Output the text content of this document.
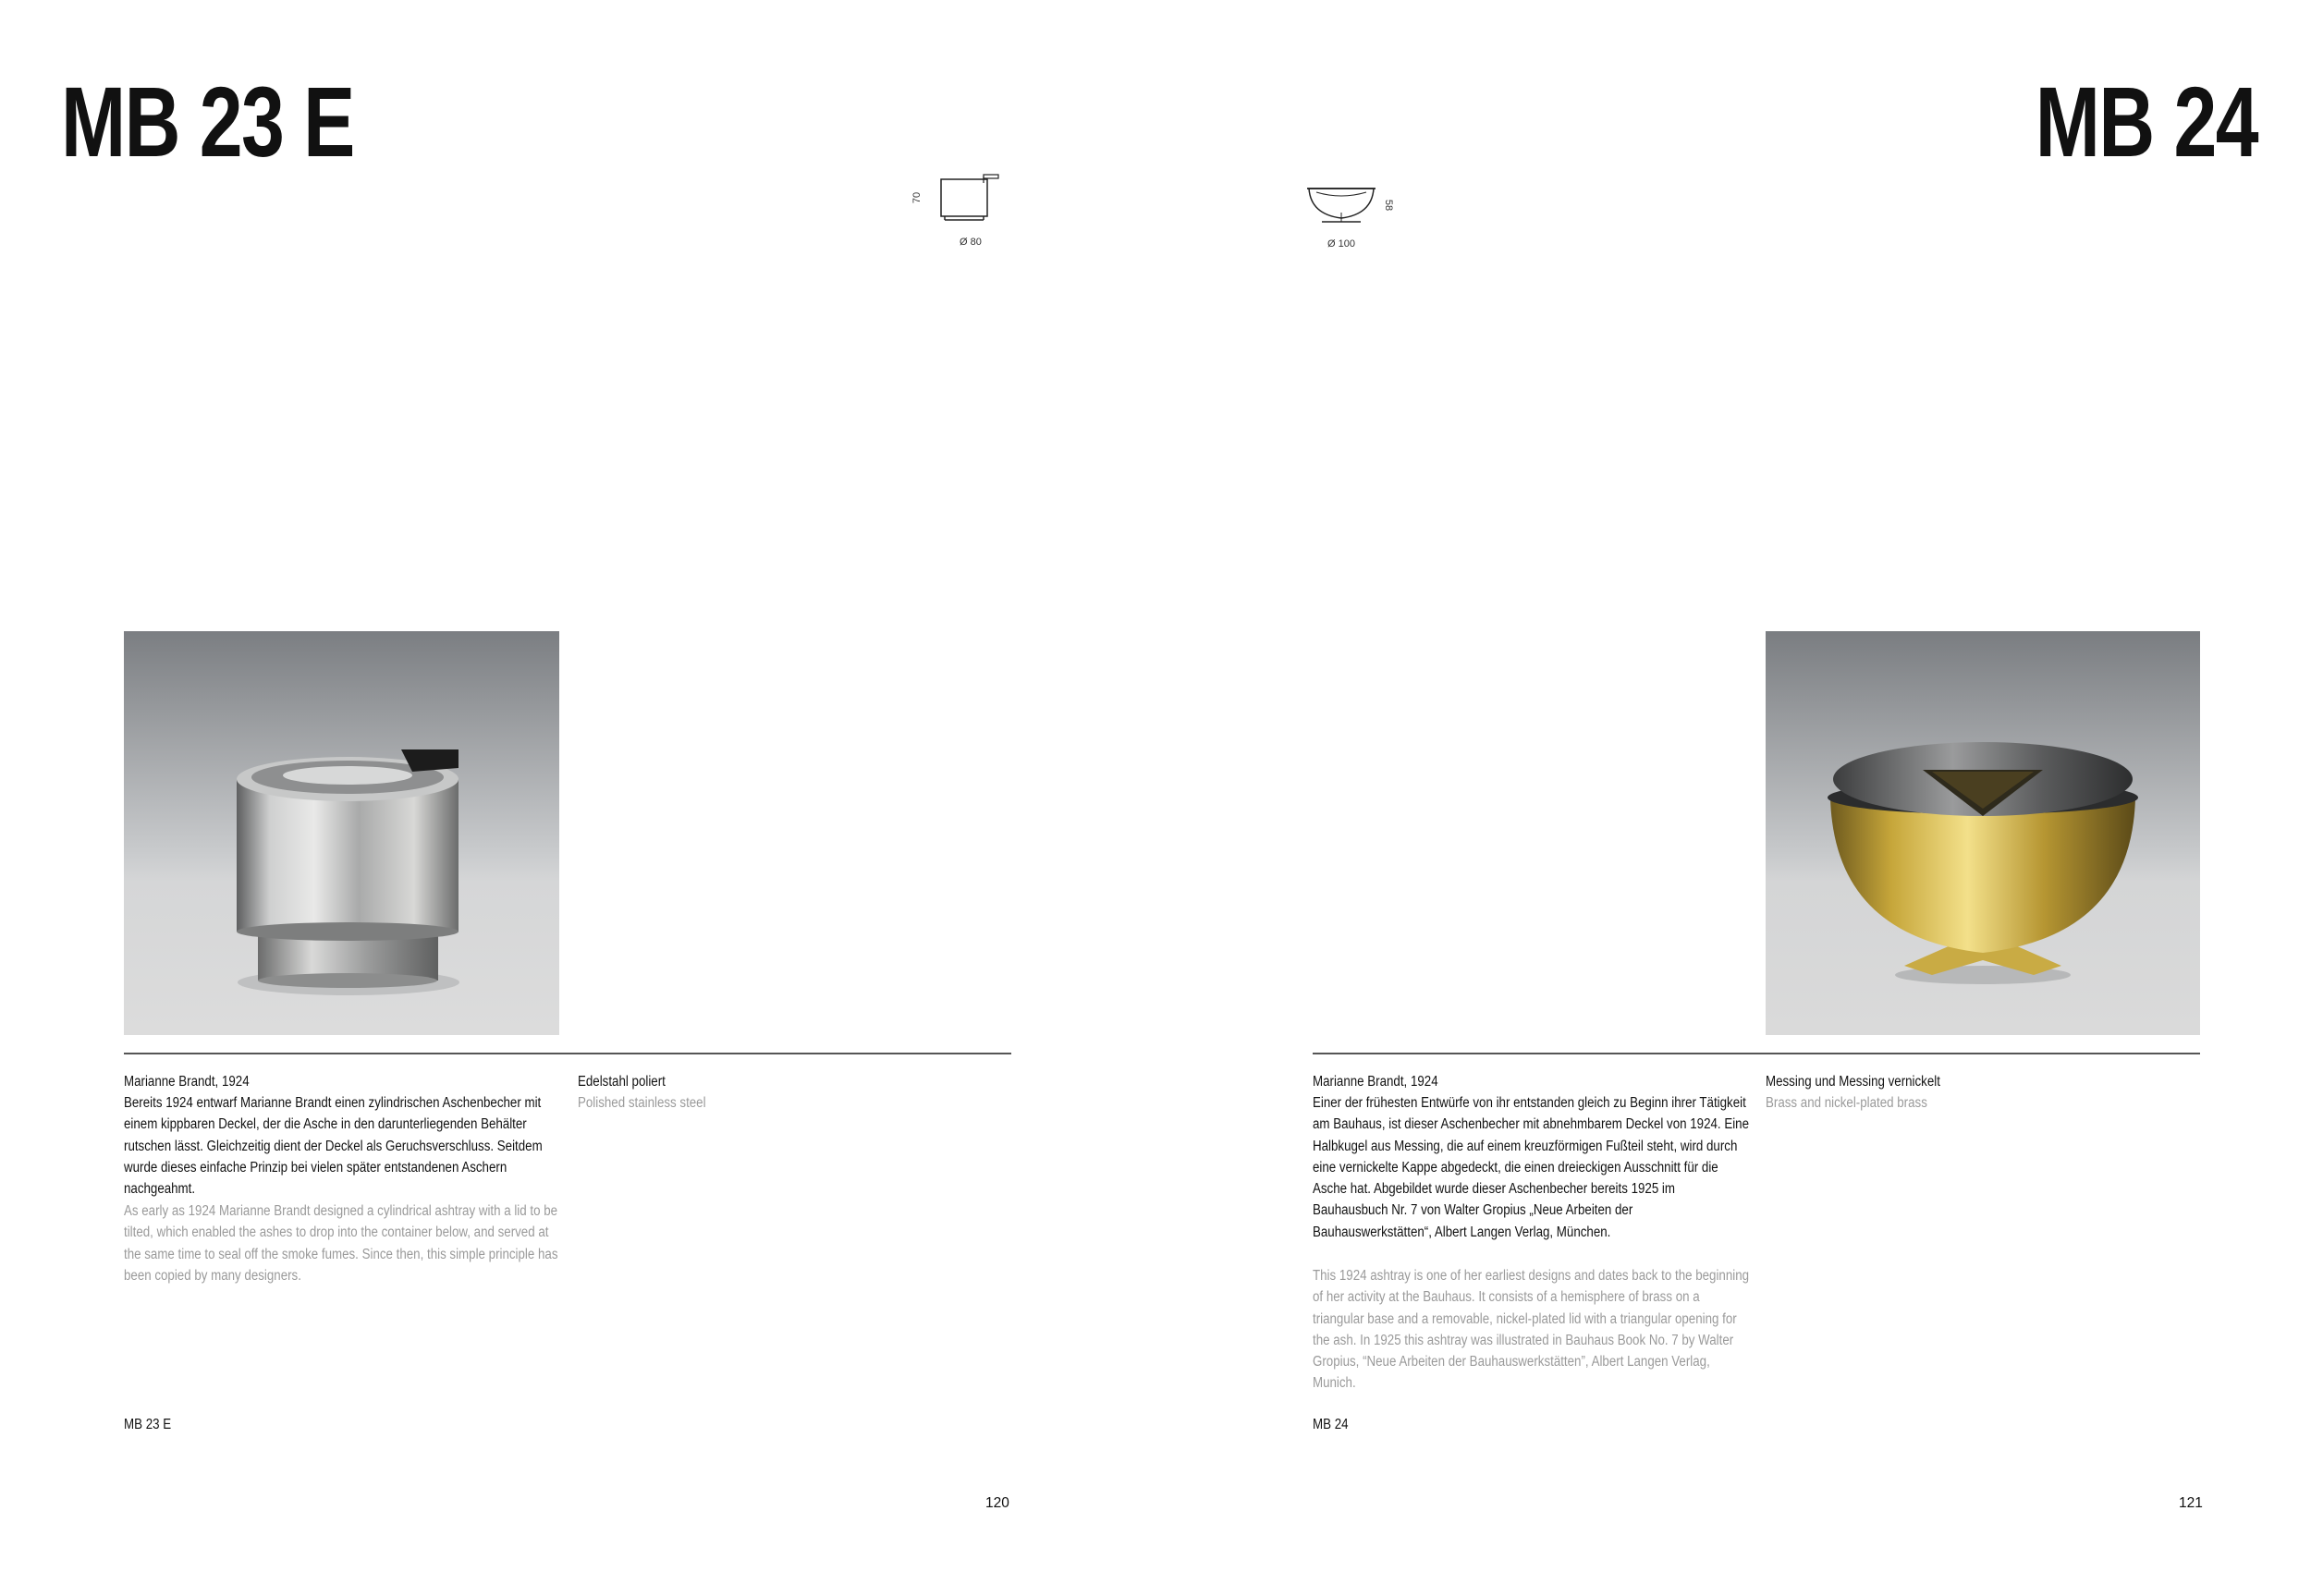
MB 23 E
70
Ø 80
Marianne Brandt, 1924
Bereits 1924 entwarf Marianne Brandt einen zylindrischen Aschenbecher mit einem kippbaren Deckel, der die Asche in den darunterliegenden Behälter rutschen lässt. Gleichzeitig dient der Deckel als Geruchsverschluss. Seitdem wurde dieses einfache Prinzip bei vielen später entstandenen Aschern nachgeahmt.
As early as 1924 Marianne Brandt designed a cylindrical ashtray with a lid to be tilted, which enabled the ashes to drop into the container below, and served at the same time to seal off the smoke fumes. Since then, this simple principle has been copied by many designers.
Edelstahl poliert
Polished stainless steel
MB 23 E
120
MB 24
58
Ø 100
Marianne Brandt, 1924
Einer der frühesten Entwürfe von ihr entstanden gleich zu Beginn ihrer Tätigkeit am Bauhaus, ist dieser Aschenbecher mit abnehmbarem Deckel von 1924. Eine Halbkugel aus Messing, die auf einem kreuzförmigen Fußteil steht, wird durch eine vernickelte Kappe abgedeckt, die einen dreieckigen Ausschnitt für die Asche hat. Abgebildet wurde dieser Aschenbecher bereits 1925 im Bauhausbuch Nr. 7 von Walter Gropius „Neue Arbeiten der Bauhauswerkstätten“, Albert Langen Verlag, München.
This 1924 ashtray is one of her earliest designs and dates back to the beginning of her activity at the Bauhaus. It consists of a hemisphere of brass on a triangular base and a removable, nickel-plated lid with a triangular opening for the ash. In 1925 this ashtray was illustrated in Bauhaus Book No. 7 by Walter Gropius, “Neue Arbeiten der Bauhauswerkstätten”, Albert Langen Verlag, Munich.
Messing und Messing vernickelt
Brass and nickel-plated brass
MB 24
121
